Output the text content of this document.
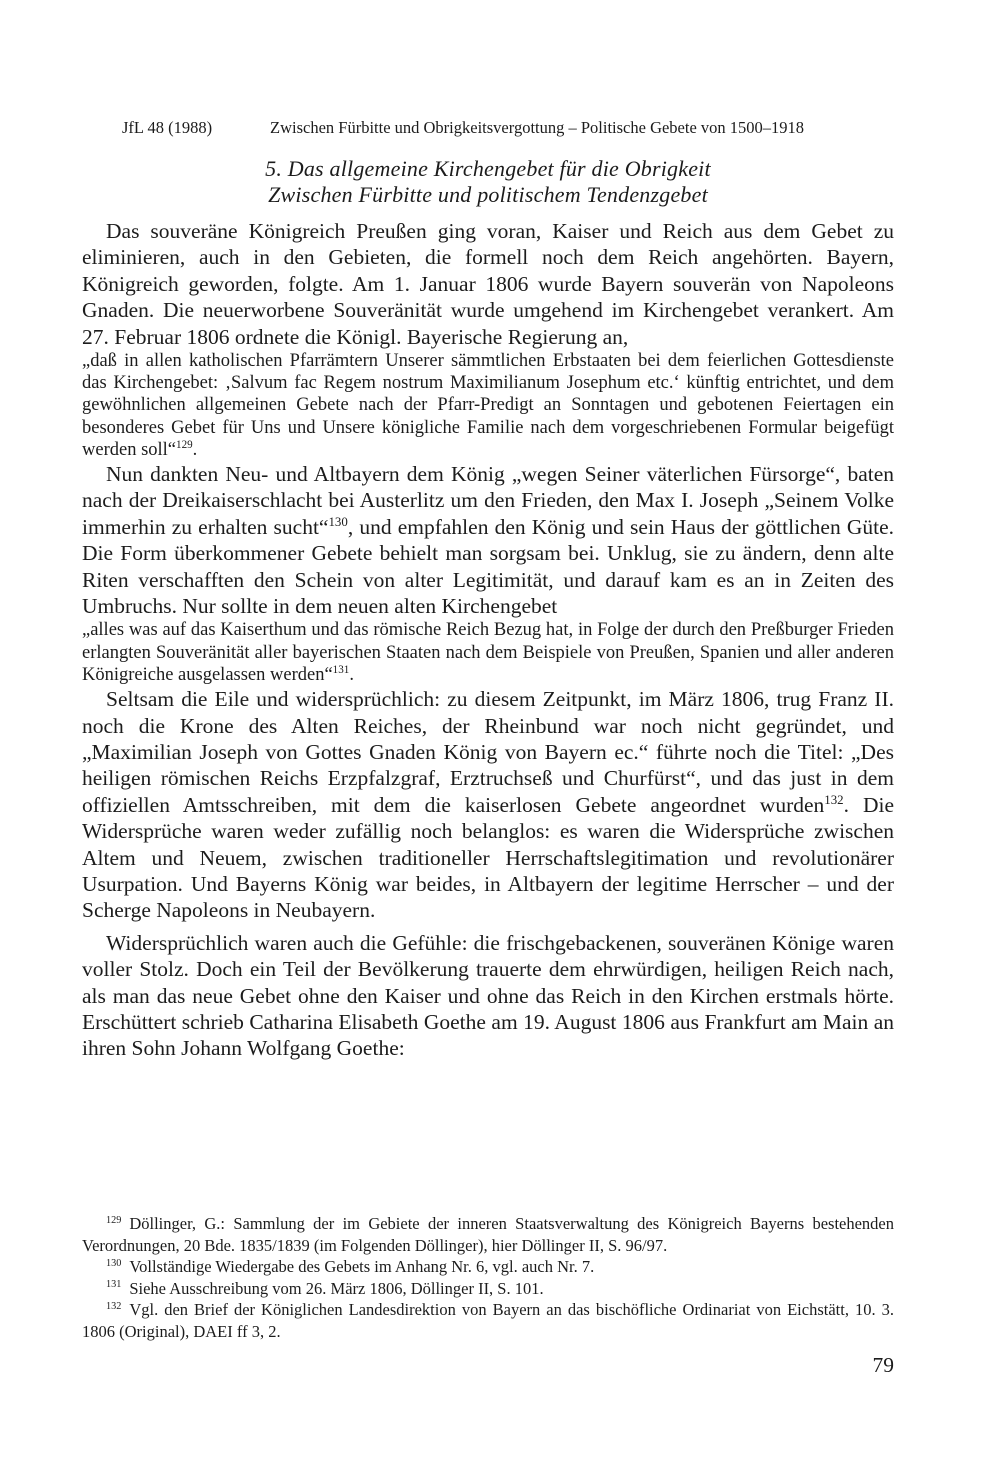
JfL 48 (1988)	Zwischen Fürbitte und Obrigkeitsvergottung – Politische Gebete von 1500–1918
5. Das allgemeine Kirchengebet für die Obrigkeit
Zwischen Fürbitte und politischem Tendenzgebet

Das souveräne Königreich Preußen ging voran, Kaiser und Reich aus dem Gebet zu eliminieren, auch in den Gebieten, die formell noch dem Reich angehörten. Bayern, Königreich geworden, folgte. Am 1. Januar 1806 wurde Bayern souverän von Napoleons Gnaden. Die neuerworbene Souveränität wurde umgehend im Kirchengebet verankert. Am 27. Februar 1806 ordnete die Königl. Bayerische Regierung an,

„daß in allen katholischen Pfarrämtern Unserer sämmtlichen Erbstaaten bei dem feierlichen Gottesdienste das Kirchengebet: ‚Salvum fac Regem nostrum Maximilianum Josephum etc.‘ künftig entrichtet, und dem gewöhnlichen allgemeinen Gebete nach der Pfarr-Predigt an Sonntagen und gebotenen Feiertagen ein besonderes Gebet für Uns und Unsere königliche Familie nach dem vorgeschriebenen Formular beigefügt werden soll“$^{129}$.

Nun dankten Neu- und Altbayern dem König „wegen Seiner väterlichen Fürsorge“, baten nach der Dreikaiserschlacht bei Austerlitz um den Frieden, den Max I. Joseph „Seinem Volke immerhin zu erhalten sucht“$^{130}$, und empfahlen den König und sein Haus der göttlichen Güte. Die Form überkommener Gebete behielt man sorgsam bei. Unklug, sie zu ändern, denn alte Riten verschafften den Schein von alter Legitimität, und darauf kam es an in Zeiten des Umbruchs. Nur sollte in dem neuen alten Kirchengebet

„alles was auf das Kaiserthum und das römische Reich Bezug hat, in Folge der durch den Preßburger Frieden erlangten Souveränität aller bayerischen Staaten nach dem Beispiele von Preußen, Spanien und aller anderen Königreiche ausgelassen werden“$^{131}$.

Seltsam die Eile und widersprüchlich: zu diesem Zeitpunkt, im März 1806, trug Franz II. noch die Krone des Alten Reiches, der Rheinbund war noch nicht gegründet, und „Maximilian Joseph von Gottes Gnaden König von Bayern ec.“ führte noch die Titel: „Des heiligen römischen Reichs Erzpfalzgraf, Erztruchseß und Churfürst“, und das just in dem offiziellen Amtsschreiben, mit dem die kaiserlosen Gebete angeordnet wurden$^{132}$. Die Widersprüche waren weder zufällig noch belanglos: es waren die Widersprüche zwischen Altem und Neuem, zwischen traditioneller Herrschaftslegitimation und revolutionärer Usurpation. Und Bayerns König war beides, in Altbayern der legitime Herrscher – und der Scherge Napoleons in Neubayern.

Widersprüchlich waren auch die Gefühle: die frischgebackenen, souveränen Könige waren voller Stolz. Doch ein Teil der Bevölkerung trauerte dem ehrwürdigen, heiligen Reich nach, als man das neue Gebet ohne den Kaiser und ohne das Reich in den Kirchen erstmals hörte. Erschüttert schrieb Catharina Elisabeth Goethe am 19. August 1806 aus Frankfurt am Main an ihren Sohn Johann Wolfgang Goethe:

$^{129}$ Döllinger, G.: Sammlung der im Gebiete der inneren Staatsverwaltung des Königreich Bayerns bestehenden Verordnungen, 20 Bde. 1835/1839 (im Folgenden Döllinger), hier Döllinger II, S. 96/97.

$^{130}$ Vollständige Wiedergabe des Gebets im Anhang Nr. 6, vgl. auch Nr. 7.

$^{131}$ Siehe Ausschreibung vom 26. März 1806, Döllinger II, S. 101.

$^{132}$ Vgl. den Brief der Königlichen Landesdirektion von Bayern an das bischöfliche Ordinariat von Eichstätt, 10. 3. 1806 (Original), DAEI ff 3, 2.

79
